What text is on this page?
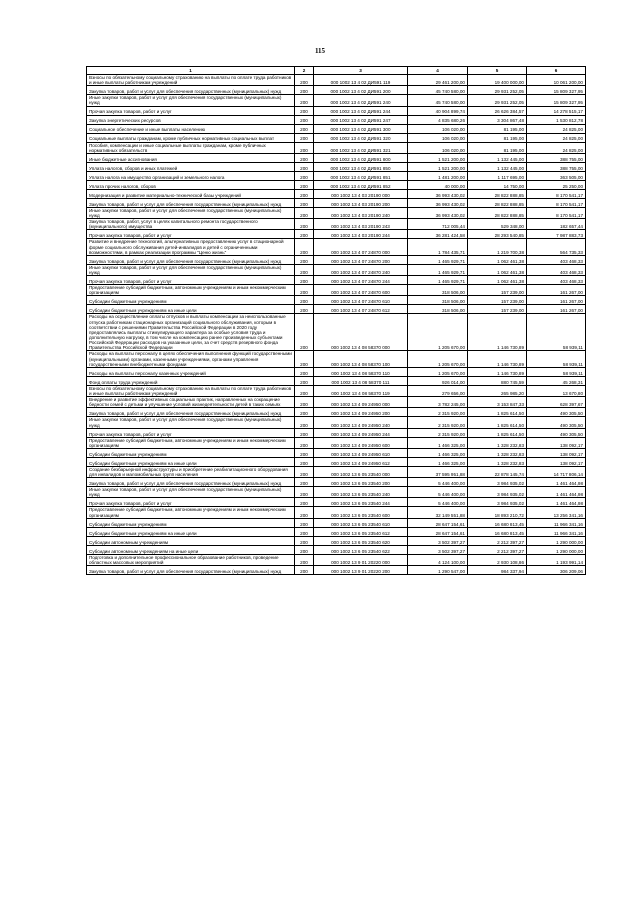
115
1	2	3	4	5	6
Взносы по обязательному социальному страхованию на выплаты по оплате труда работников и иные выплаты работникам учреждений	200	000 1002 13 4 02 ДИ591 119	29 461 200,00	19 400 000,00	10 061 200,00
Закупка товаров, работ и услуг для обеспечения государственных (муниципальных) нужд	200	000 1002 13 4 02 ДИ591 200	45 740 580,00	29 931 252,05	15 809 327,95
Иные закупки товаров, работ и услуг для обеспечения государственных (муниципальных) нужд	200	000 1002 13 4 02 ДИ591 240	45 740 580,00	29 931 252,05	15 809 327,95
Прочая закупка товаров, работ и услуг	200	000 1002 13 4 02 ДИ591 244	40 904 899,74	26 626 384,57	14 278 515,17
Закупка энергетических ресурсов	200	000 1002 13 4 02 ДИ591 247	4 835 680,26	3 304 867,48	1 530 812,78
Социальное обеспечение и иные выплаты населению	200	000 1002 13 4 02 ДИ591 300	106 020,00	81 195,00	24 825,00
Социальные выплаты гражданам, кроме публичных нормативных социальных выплат	200	000 1002 13 4 02 ДИ591 320	106 020,00	81 195,00	24 825,00
Пособия, компенсации и иные социальные выплаты гражданам, кроме публичных нормативных обязательств	200	000 1002 13 4 02 ДИ591 321	106 020,00	81 195,00	24 825,00
Иные бюджетные ассигнования	200	000 1002 13 4 02 ДИ591 800	1 521 200,00	1 132 445,00	388 755,00
Уплата налогов, сборов и иных платежей	200	000 1002 13 4 02 ДИ591 850	1 521 200,00	1 132 445,00	388 755,00
Уплата налога на имущество организаций и земельного налога	200	000 1002 13 4 02 ДИ591 851	1 481 200,00	1 117 695,00	363 505,00
Уплата прочих налогов, сборов	200	000 1002 13 4 02 ДИ591 852	40 000,00	14 750,00	25 250,00
Модернизация и развитие материально-технической базы учреждений	200	000 1002 13 4 03 20190 000	36 993 430,02	28 822 888,85	8 170 541,17
Закупка товаров, работ и услуг для обеспечения государственных (муниципальных) нужд	200	000 1002 13 4 03 20190 200	36 993 430,02	28 822 888,85	8 170 541,17
Иные закупки товаров, работ и услуг для обеспечения государственных (муниципальных) нужд	200	000 1002 13 4 03 20190 240	36 993 430,02	28 822 888,85	8 170 541,17
Закупка товаров, работ, услуг в целях капитального ремонта государственного (муниципального) имущества	200	000 1002 13 4 03 20190 243	712 005,44	529 348,00	182 657,44
Прочая закупка товаров, работ и услуг	200	000 1002 13 4 03 20190 244	36 281 424,58	28 293 540,85	7 987 883,73
Развитие и внедрение технологий, альтернативных предоставлению услуг в стационарной форме социального обслуживания детей-инвалидов и детей с ограниченными возможностями, в рамках реализации программы "Ценю жизнь"	200	000 1002 13 4 07 24870 000	1 784 435,71	1 219 700,38	564 735,33
Закупка товаров, работ и услуг для обеспечения государственных (муниципальных) нужд	200	000 1002 13 4 07 24870 200	1 465 929,71	1 062 461,38	403 468,33
Иные закупки товаров, работ и услуг для обеспечения государственных (муниципальных) нужд	200	000 1002 13 4 07 24870 240	1 465 929,71	1 062 461,38	403 468,33
Прочая закупка товаров, работ и услуг	200	000 1002 13 4 07 24870 244	1 465 929,71	1 062 461,38	403 468,33
Предоставление субсидий бюджетным, автономным учреждениям и иным некоммерческим организациям	200	000 1002 13 4 07 24870 600	318 506,00	157 239,00	161 267,00
Субсидии бюджетным учреждениям	200	000 1002 13 4 07 24870 610	318 506,00	157 239,00	161 267,00
Субсидии бюджетным учреждениям на иные цели	200	000 1002 13 4 07 24870 612	318 506,00	157 239,00	161 267,00
Расходы на осуществление оплаты отпусков и выплаты компенсации за неиспользованные отпуска работникам стационарных организаций социального обслуживания, которым в соответствии с решениями Правительства Российской Федерации в 2020 году предоставлялись выплаты стимулирующего характера за особые условия труда и дополнительную нагрузку, в том числе на компенсацию ранее произведенных субъектами Российской Федерации расходов на указанные цели, за счет средств резервного фонда Правительства Российской Федерации	200	000 1002 13 4 08 58370 000	1 205 670,00	1 146 730,89	58 939,11
Расходы на выплаты персоналу в целях обеспечения выполнения функций государственными (муниципальными) органами, казенными учреждениями, органами управления государственными внебюджетными фондами	200	000 1002 13 4 08 58370 100	1 205 670,00	1 146 730,89	58 939,11
Расходы на выплаты персоналу казенных учреждений	200	000 1002 13 4 08 58370 110	1 205 670,00	1 146 730,89	58 939,11
Фонд оплаты труда учреждений	200	000 1002 13 4 08 58370 111	926 014,00	880 745,59	45 268,31
Взносы по обязательному социальному страхованию на выплаты по оплате труда работников и иные выплаты работникам учреждений	200	000 1002 13 4 08 58370 119	279 656,00	265 985,20	13 670,80
Внедрение и развитие эффективных социальных практик, направленных на сокращение бедности семей с детьми и улучшение условий жизнедеятельности детей в таких семьях	200	000 1002 13 4 09 24950 000	3 782 245,00	3 153 847,33	628 397,67
Закупка товаров, работ и услуг для обеспечения государственных (муниципальных) нужд	200	000 1002 13 4 09 24950 200	2 315 920,00	1 825 614,50	490 305,50
Иные закупки товаров, работ и услуг для обеспечения государственных (муниципальных) нужд	200	000 1002 13 4 09 24950 240	2 315 920,00	1 825 614,50	490 305,50
Прочая закупка товаров, работ и услуг	200	000 1002 13 4 09 24950 244	2 315 920,00	1 825 614,50	490 305,50
Предоставление субсидий бюджетным, автономным учреждениям и иным некоммерческим организациям	200	000 1002 13 4 09 24950 600	1 466 325,00	1 328 232,83	138 092,17
Субсидии бюджетным учреждениям	200	000 1002 13 4 09 24950 610	1 466 325,00	1 328 232,83	138 092,17
Субсидии бюджетным учреждениям на иные цели	200	000 1002 13 4 09 24950 612	1 466 325,00	1 328 232,83	138 092,17
Создание безбарьерной инфраструктуры и приобретение реабилитационного оборудования для инвалидов и маломобильных групп населения	200	000 1002 13 6 05 23540 000	37 595 951,88	22 878 145,74	14 717 806,14
Закупка товаров, работ и услуг для обеспечения государственных (муниципальных) нужд	200	000 1002 13 6 05 23540 200	5 446 400,00	3 984 935,02	1 461 464,98
Иные закупки товаров, работ и услуг для обеспечения государственных (муниципальных) нужд	200	000 1002 13 6 05 23540 240	5 446 400,00	3 984 935,02	1 461 464,98
Прочая закупка товаров, работ и услуг	200	000 1002 13 6 05 23540 244	5 446 400,00	3 984 935,02	1 461 464,98
Предоставление субсидий бюджетным, автономным учреждениям и иным некоммерческим организациям	200	000 1002 13 6 05 23540 600	32 149 551,88	18 893 210,72	13 256 341,16
Субсидии бюджетным учреждениям	200	000 1002 13 6 05 23540 610	28 647 154,61	16 680 813,45	11 966 341,16
Субсидии бюджетным учреждениям на иные цели	200	000 1002 13 6 05 23540 612	28 647 154,61	16 680 813,45	11 966 341,16
Субсидии автономным учреждениям	200	000 1002 13 6 05 23540 620	3 502 397,27	2 212 397,27	1 290 000,00
Субсидии автономным учреждениям на иные цели	200	000 1002 13 6 05 23540 622	3 502 397,27	2 212 397,27	1 290 000,00
Подготовка и дополнительное профессиональное образование работников, проведение областных массовых мероприятий	200	000 1002 13 9 01 20220 000	4 124 100,00	2 930 108,86	1 193 991,14
Закупка товаров, работ и услуг для обеспечения государственных (муниципальных) нужд	200	000 1002 13 9 01 20220 200	1 290 547,00	984 337,94	306 209,06
